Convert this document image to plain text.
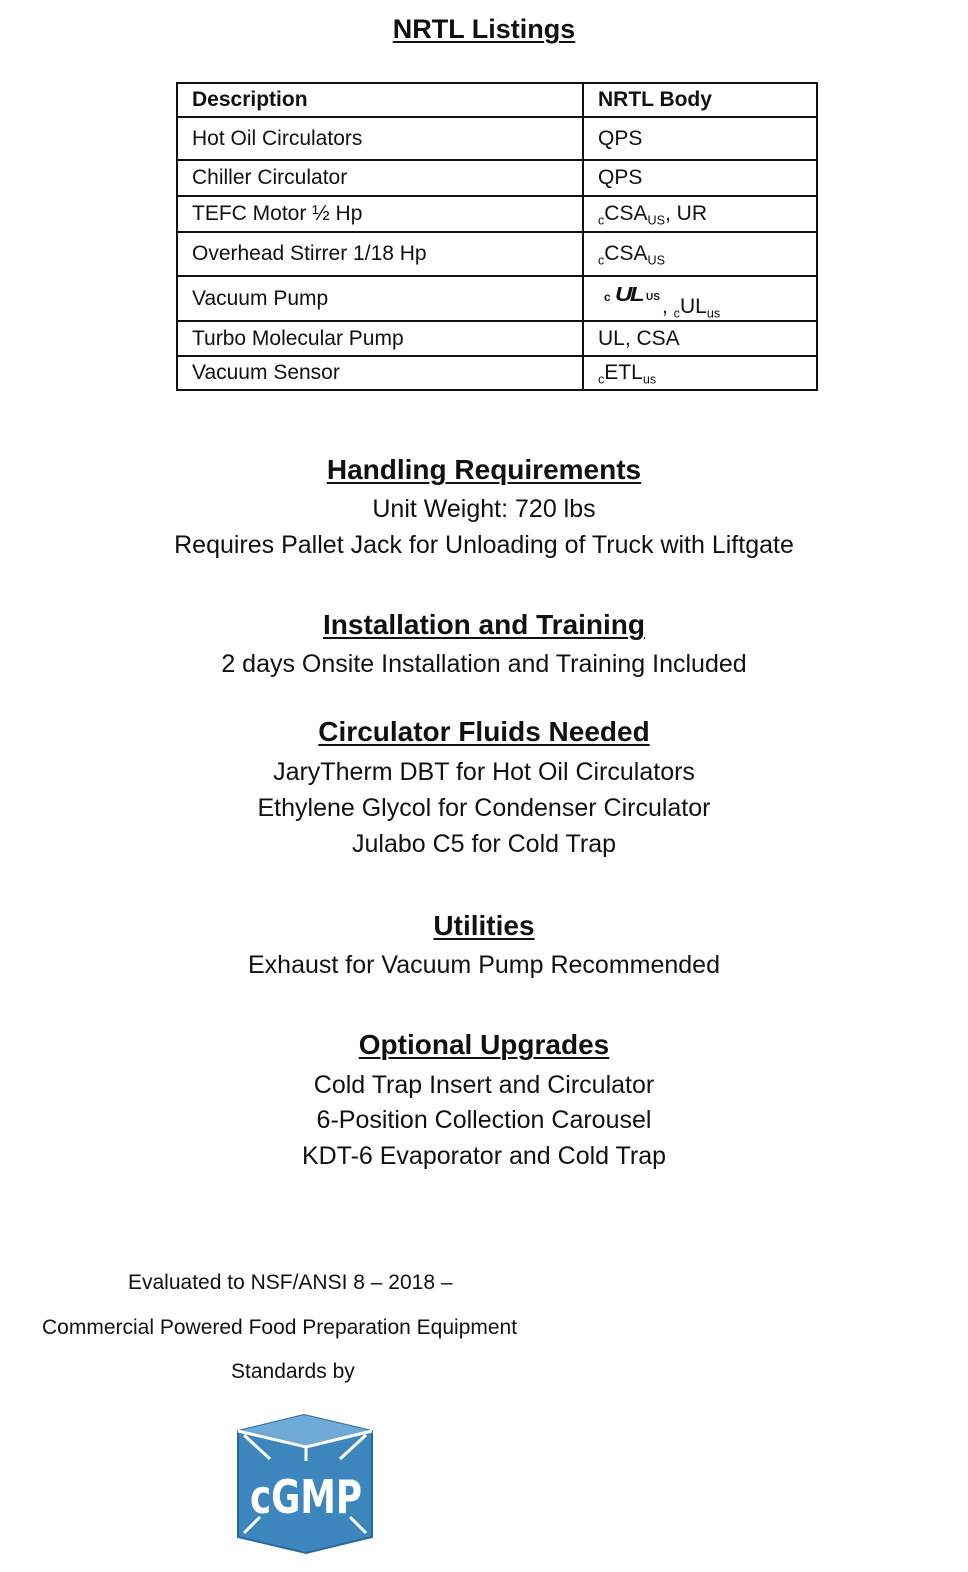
NRTL Listings
Description	NRTL Body
Hot Oil Circulators	QPS
Chiller Circulator	QPS
TEFC Motor ½ Hp	$_cCSA_{US}$, UR
Overhead Stirrer 1/18 Hp	$_cCSA_{US}$
Vacuum Pump	c UL US , $_cUL_{us}$
Turbo Molecular Pump	UL, CSA
Vacuum Sensor	$_cETL_{us}$
Handling Requirements

Unit Weight: 720 lbs

Requires Pallet Jack for Unloading of Truck with Liftgate

Installation and Training

2 days Onsite Installation and Training Included

Circulator Fluids Needed

JaryTherm DBT for Hot Oil Circulators

Ethylene Glycol for Condenser Circulator

Julabo C5 for Cold Trap

Utilities

Exhaust for Vacuum Pump Recommended

Optional Upgrades

Cold Trap Insert and Circulator

6-Position Collection Carousel

KDT-6 Evaporator and Cold Trap

Evaluated to NSF/ANSI 8 – 2018 –

Commercial Powered Food Preparation Equipment

Standards by

cGMP
